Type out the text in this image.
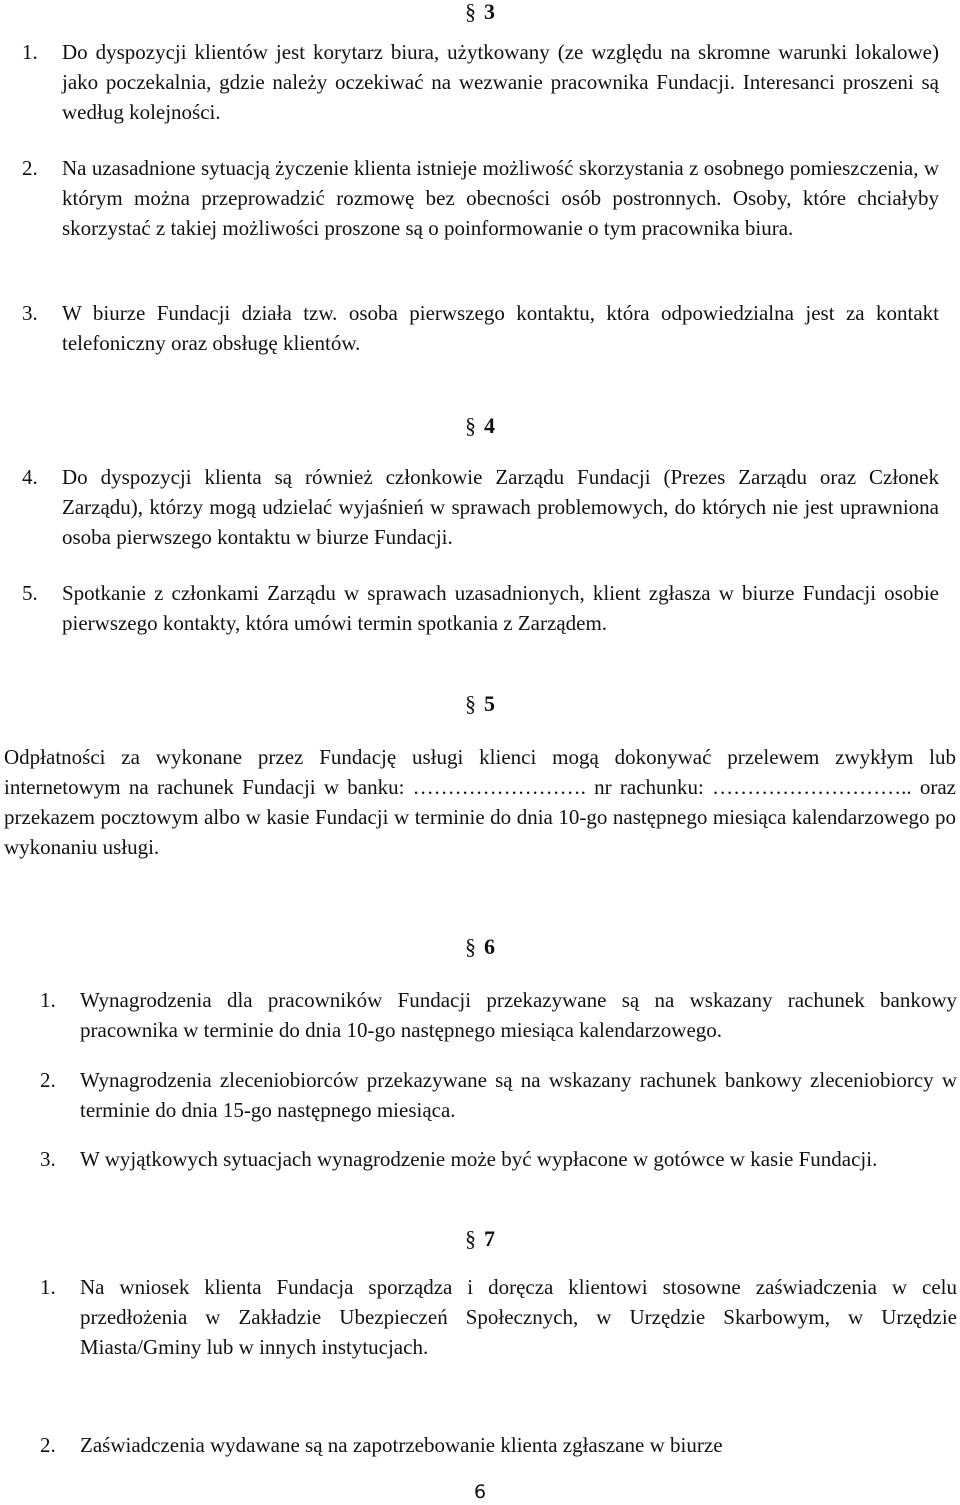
§ 3
1. Do dyspozycji klientów jest korytarz biura, użytkowany (ze względu na skromne warunki lokalowe) jako poczekalnia, gdzie należy oczekiwać na wezwanie pracownika Fundacji. Interesanci proszeni są według kolejności.
2. Na uzasadnione sytuacją życzenie klienta istnieje możliwość skorzystania z osobnego pomieszczenia, w którym można przeprowadzić rozmowę bez obecności osób postronnych. Osoby, które chciałyby skorzystać z takiej możliwości proszone są o poinformowanie o tym pracownika biura.
3. W biurze Fundacji działa tzw. osoba pierwszego kontaktu, która odpowiedzialna jest za kontakt telefoniczny oraz obsługę klientów.
§ 4
4. Do dyspozycji klienta są również członkowie Zarządu Fundacji (Prezes Zarządu oraz Członek Zarządu), którzy mogą udzielać wyjaśnień w sprawach problemowych, do których nie jest uprawniona osoba pierwszego kontaktu w biurze Fundacji.
5. Spotkanie z członkami Zarządu w sprawach uzasadnionych, klient zgłasza w biurze Fundacji osobie pierwszego kontakty, która umówi termin spotkania z Zarządem.
§ 5
Odpłatności za wykonane przez Fundację usługi klienci mogą dokonywać przelewem zwykłym lub internetowym na rachunek Fundacji w banku: ……………………. nr rachunku: ……………………….. oraz przekazem pocztowym albo w kasie Fundacji w terminie do dnia 10-go następnego miesiąca kalendarzowego po wykonaniu usługi.
§ 6
1. Wynagrodzenia dla pracowników Fundacji przekazywane są na wskazany rachunek bankowy pracownika w terminie do dnia 10-go następnego miesiąca kalendarzowego.
2. Wynagrodzenia zleceniobiorców przekazywane są na wskazany rachunek bankowy zleceniobiorcy w terminie do dnia 15-go następnego miesiąca.
3. W wyjątkowych sytuacjach wynagrodzenie może być wypłacone w gotówce w kasie Fundacji.
§ 7
1. Na wniosek klienta Fundacja sporządza i doręcza klientowi stosowne zaświadczenia w celu przedłożenia w Zakładzie Ubezpieczeń Społecznych, w Urzędzie Skarbowym, w Urzędzie Miasta/Gminy lub w innych instytucjach.
2. Zaświadczenia wydawane są na zapotrzebowanie klienta zgłaszane w biurze
6
